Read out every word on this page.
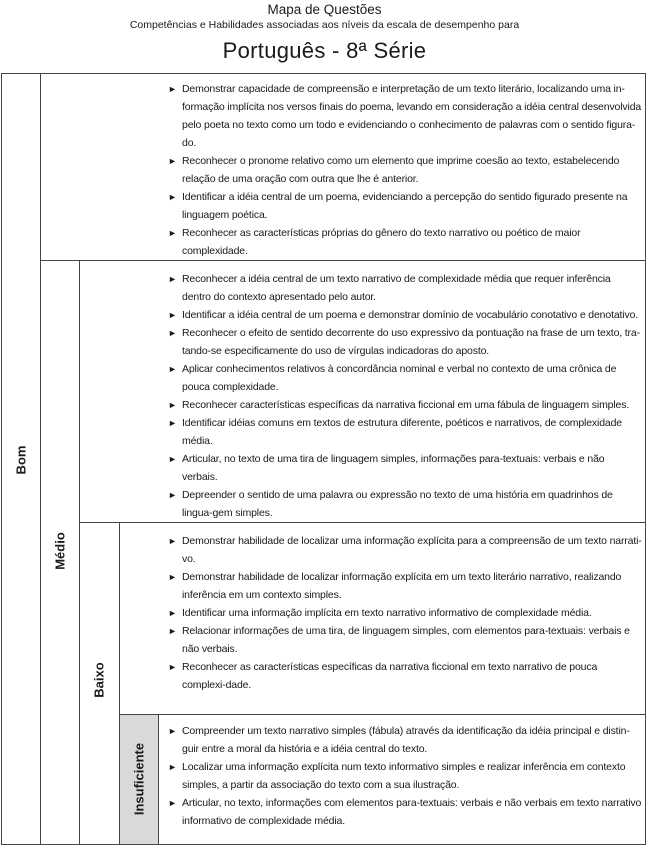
Mapa de Questões
Competências e Habilidades associadas aos níveis da escala de desempenho para
Português - 8ª Série
Bom
Médio
Baixo
Insuficiente
► Demonstrar capacidade de compreensão e interpretação de um texto literário, localizando uma in-formação implícita nos versos finais do poema, levando em consideração a idéia central desenvolvida pelo poeta no texto como um todo e evidenciando o conhecimento de palavras com o sentido figura-do.
► Reconhecer o pronome relativo como um elemento que imprime coesão ao texto, estabelecendo relação de uma oração com outra que lhe é anterior.
► Identificar a idéia central de um poema, evidenciando a percepção do sentido figurado presente na linguagem poética.
► Reconhecer as características próprias do gênero do texto narrativo ou poético de maior complexidade.
► Reconhecer a idéia central de um texto narrativo de complexidade média que requer inferência dentro do contexto apresentado pelo autor.
► Identificar a idéia central de um poema e demonstrar domínio de vocabulário conotativo e denotativo.
► Reconhecer o efeito de sentido decorrente do uso expressivo da pontuação na frase de um texto, tra-tando-se especificamente do uso de vírgulas indicadoras do aposto.
► Aplicar conhecimentos relativos à concordância nominal e verbal no contexto de uma crônica de pouca complexidade.
► Reconhecer características específicas da narrativa ficcional em uma fábula de linguagem simples.
► Identificar idéias comuns em textos de estrutura diferente, poéticos e narrativos, de complexidade média.
► Articular, no texto de uma tira de linguagem simples, informações para-textuais: verbais e não verbais.
► Depreender o sentido de uma palavra ou expressão no texto de uma história em quadrinhos de lingua-gem simples.
► Demonstrar habilidade de localizar uma informação explícita para a compreensão de um texto narrati-vo.
► Demonstrar habilidade de localizar informação explícita em um texto literário narrativo, realizando inferência em um contexto simples.
► Identificar uma informação implícita em texto narrativo informativo de complexidade média.
► Relacionar informações de uma tira, de linguagem simples, com elementos para-textuais: verbais e não verbais.
► Reconhecer as características específicas da narrativa ficcional em texto narrativo de pouca complexi-dade.
► Compreender um texto narrativo simples (fábula) através da identificação da idéia principal e distin-guir entre a moral da história e a idéia central do texto.
► Localizar uma informação explícita num texto informativo simples e realizar inferência em contexto simples, a partir da associação do texto com a sua ilustração.
► Articular, no texto, informações com elementos para-textuais: verbais e não verbais em texto narrativo informativo de complexidade média.
